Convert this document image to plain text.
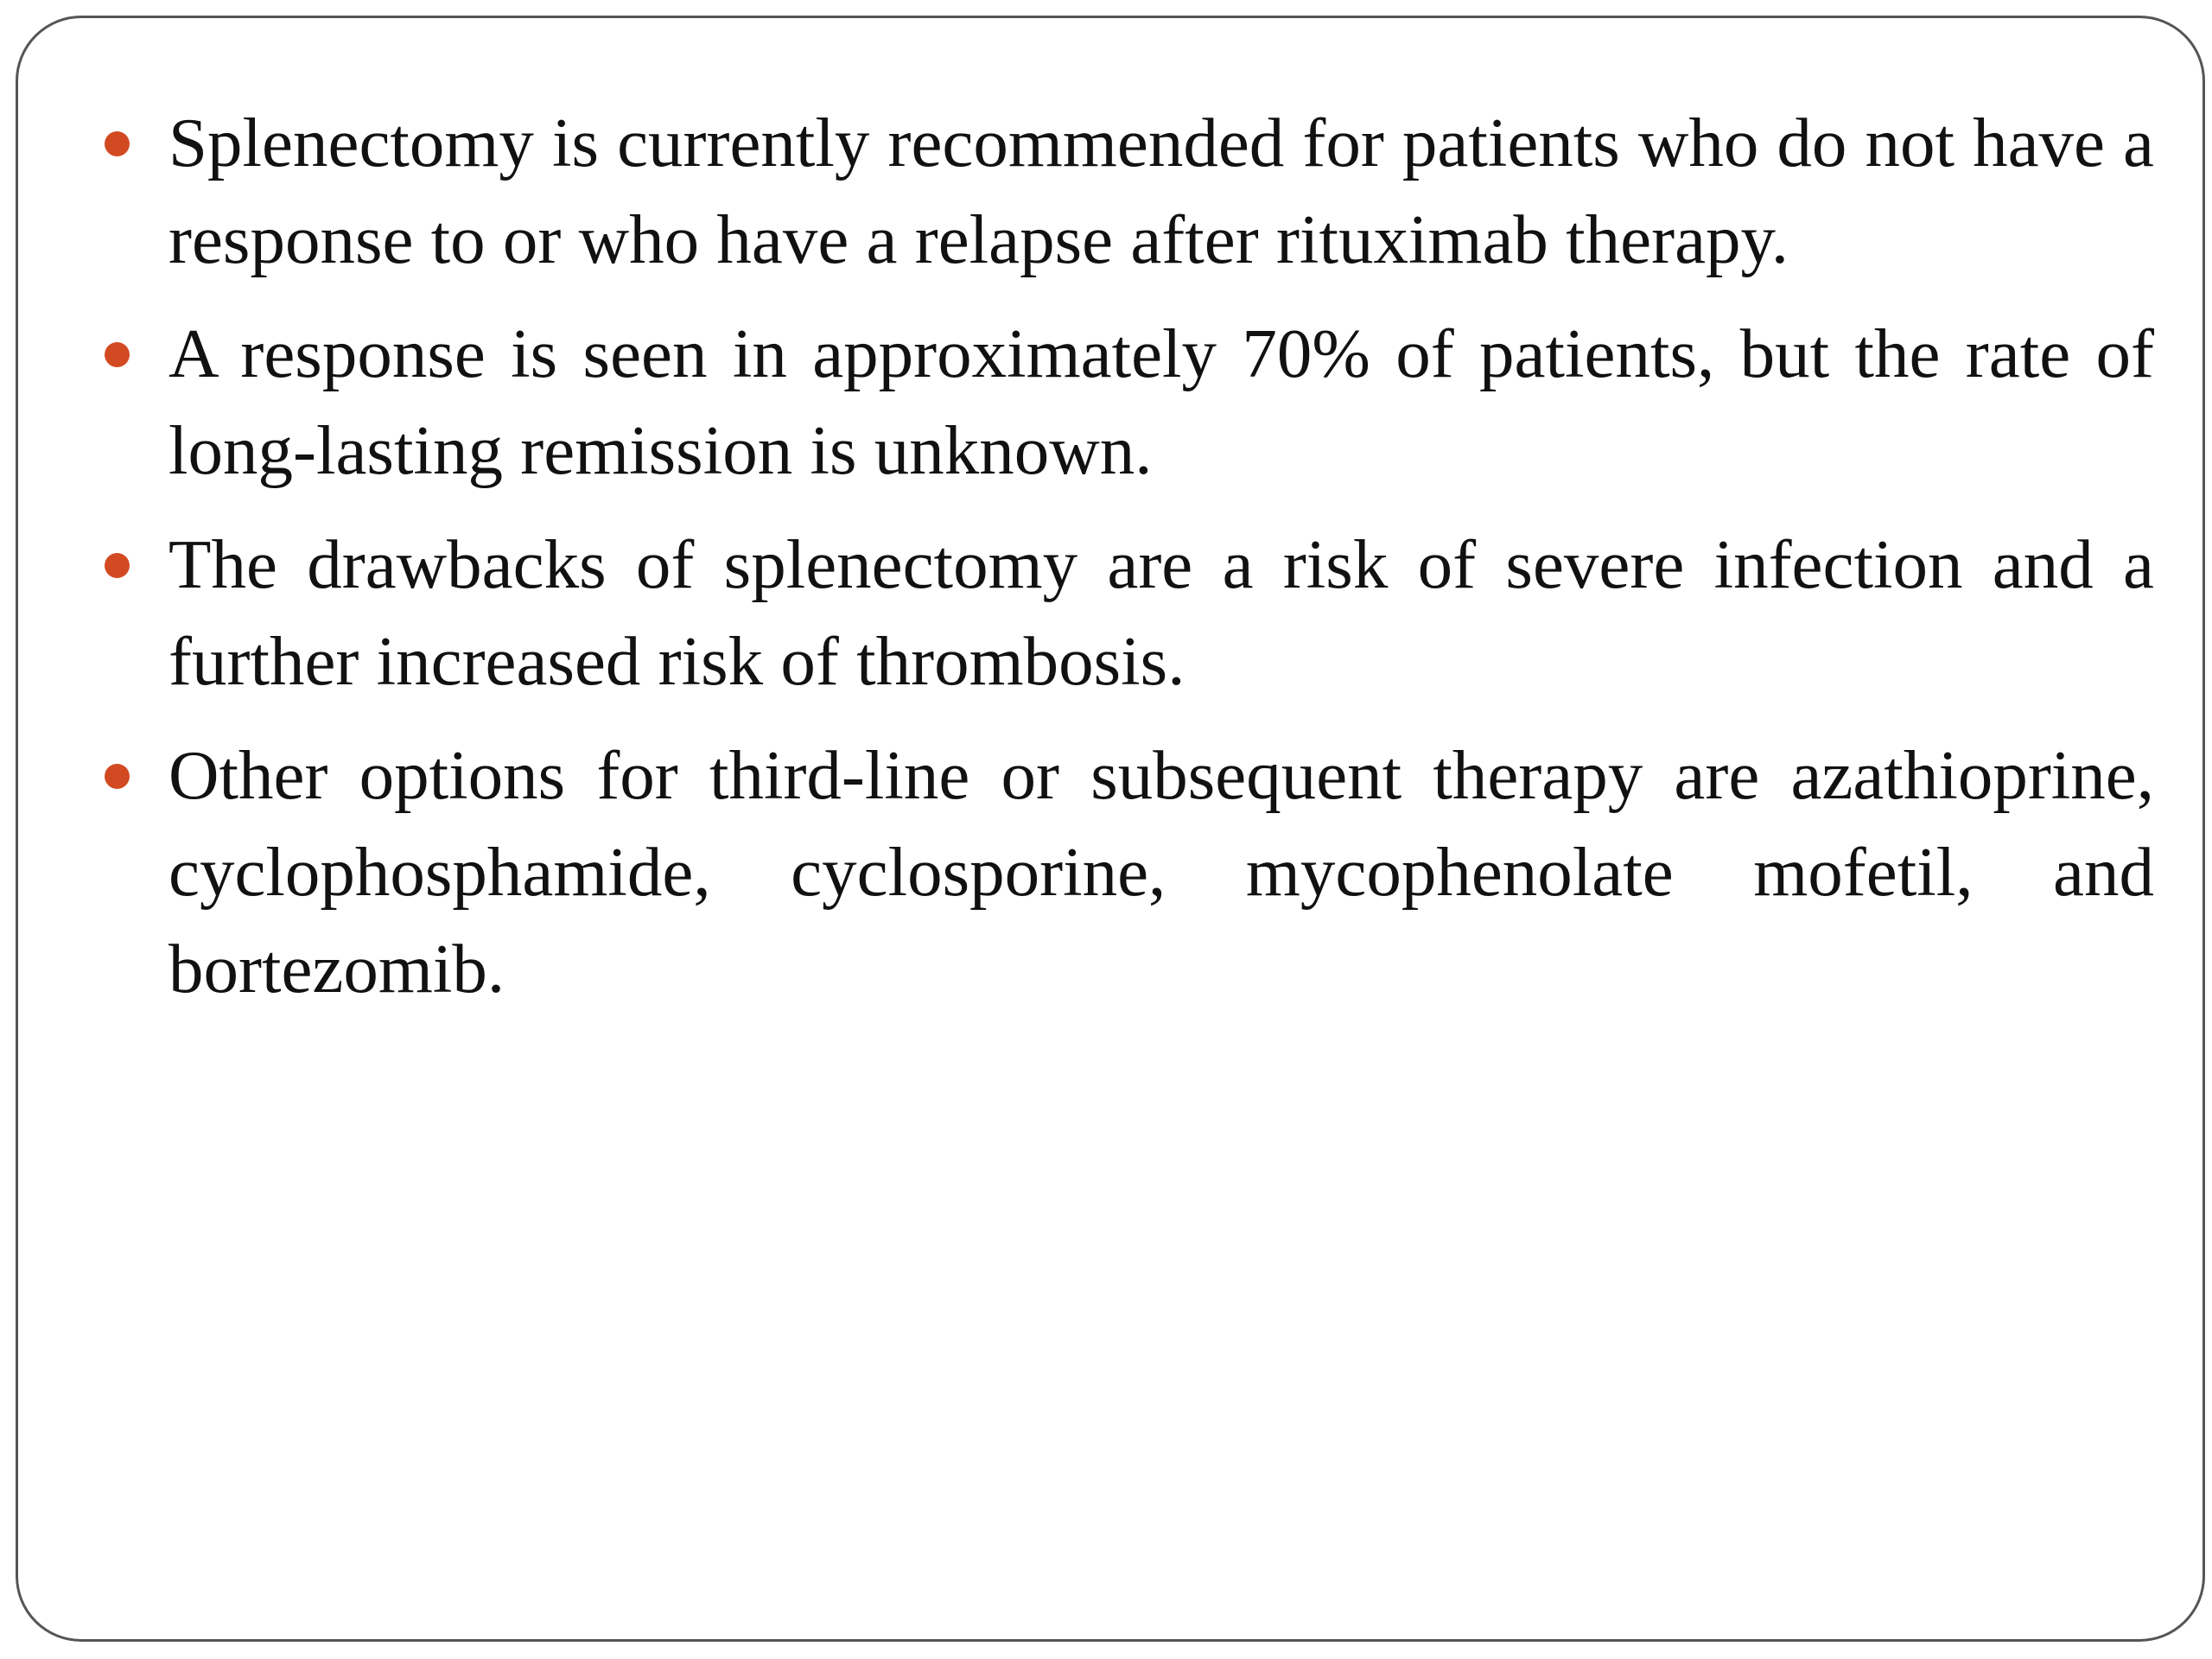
Splenectomy is currently recommended for patients who do not have a response to or who have a relapse after rituximab therapy.
A response is seen in approximately 70% of patients, but the rate of long-lasting remission is unknown.
The drawbacks of splenectomy are a risk of severe infection and a further increased risk of thrombosis.
Other options for third-line or subsequent therapy are azathioprine, cyclophosphamide, cyclosporine, mycophenolate mofetil, and bortezomib.
